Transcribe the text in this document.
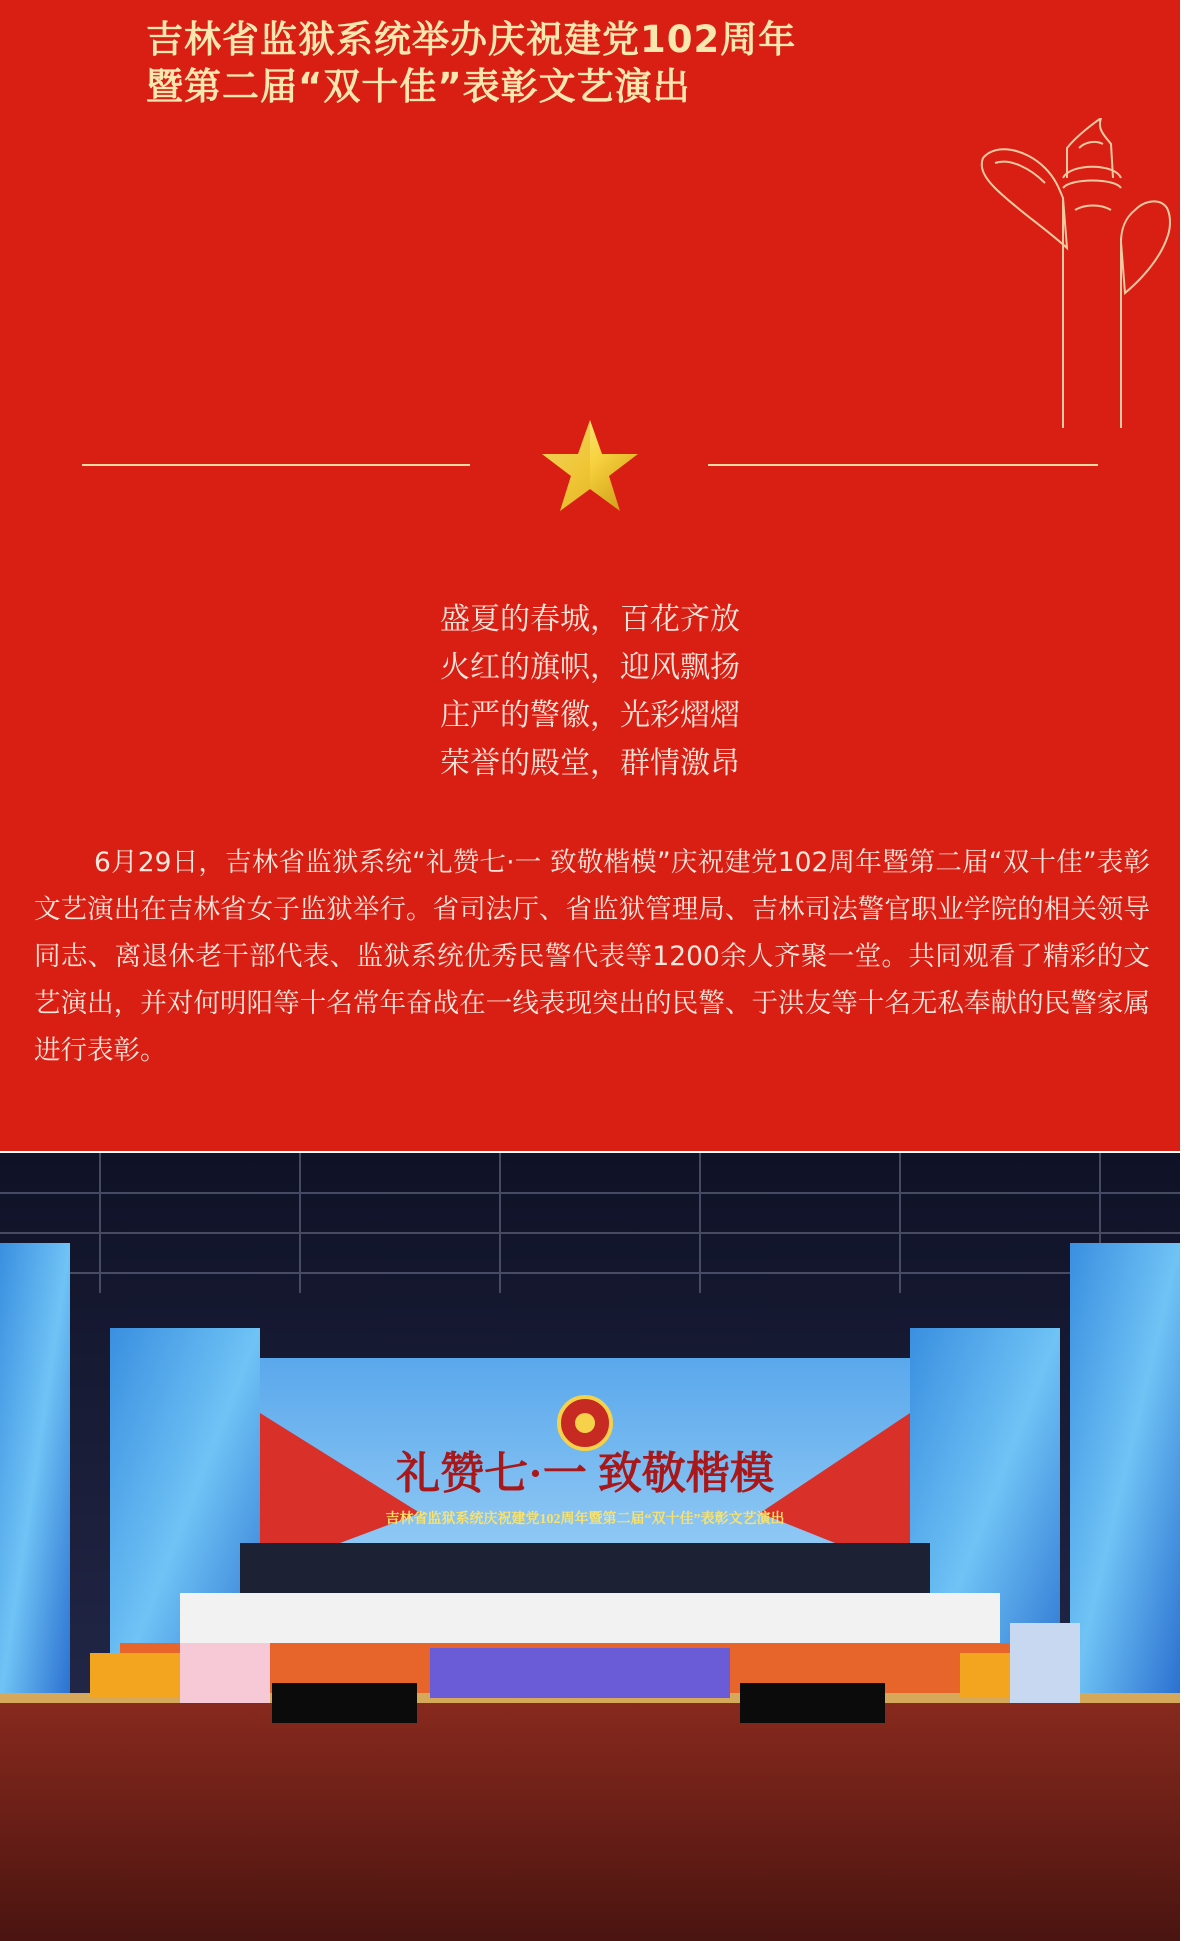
吉林省监狱系统举办庆祝建党102周年
暨第二届“双十佳”表彰文艺演出
盛夏的春城，百花齐放
火红的旗帜，迎风飘扬
庄严的警徽，光彩熠熠
荣誉的殿堂，群情激昂
6月29日，吉林省监狱系统“礼赞七·一 致敬楷模”庆祝建党102周年暨第二届“双十佳”表彰文艺演出在吉林省女子监狱举行。省司法厅、省监狱管理局、吉林司法警官职业学院的相关领导同志、离退休老干部代表、监狱系统优秀民警代表等1200余人齐聚一堂。共同观看了精彩的文艺演出，并对何明阳等十名常年奋战在一线表现突出的民警、于洪友等十名无私奉献的民警家属进行表彰。
礼赞七·一 致敬楷模
吉林省监狱系统庆祝建党102周年暨第二届“双十佳”表彰文艺演出
